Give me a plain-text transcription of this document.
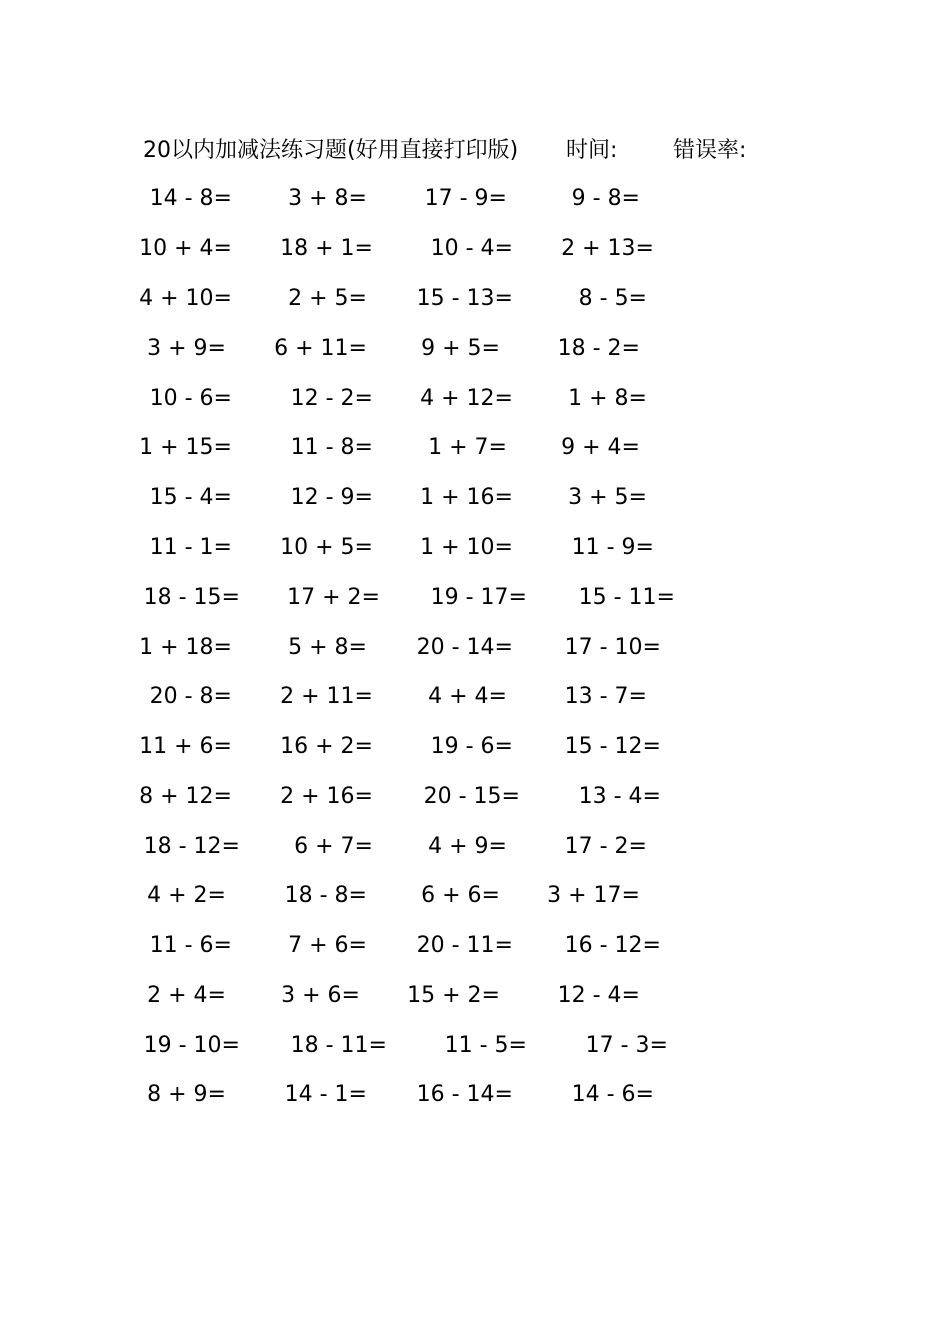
20以内加减法练习题(好用直接打印版) 时间:	错误率:
14 - 8=	3 + 8=	17 - 9=	9 - 8=
10 + 4= 18 + 1=	10 - 4= 2 + 13=
4 + 10=	2 + 5= 15 - 13=	8 - 5=
3 + 9= 6 + 11= 9 + 5=	18 - 2=
10 - 6=	12 - 2= 4 + 12=	1 + 8=
1 + 15=	11 - 8=	1 + 7= 9 + 4=
15 - 4=	12 - 9= 1 + 16=	3 + 5=
11 - 1= 10 + 5= 1 + 10=	11 - 9=
18 - 15= 17 + 2= 19 - 17= 15 - 11=
1 + 18=	5 + 8= 20 - 14= 17 - 10=
20 - 8= 2 + 11=	4 + 4=	13 - 7=
11 + 6= 16 + 2=	19 - 6= 15 - 12=
8 + 12= 2 + 16= 20 - 15=	13 - 4=
18 - 12= 6 + 7=	4 + 9=	17 - 2=
4 + 2=	18 - 8= 6 + 6= 3 + 17=
11 - 6=	7 + 6= 20 - 11= 16 - 12=
2 + 4=	3 + 6= 15 + 2=	12 - 4=
19 - 10= 18 - 11=	11 - 5=	17 - 3=
8 + 9=	14 - 1= 16 - 14=	14 - 6=
